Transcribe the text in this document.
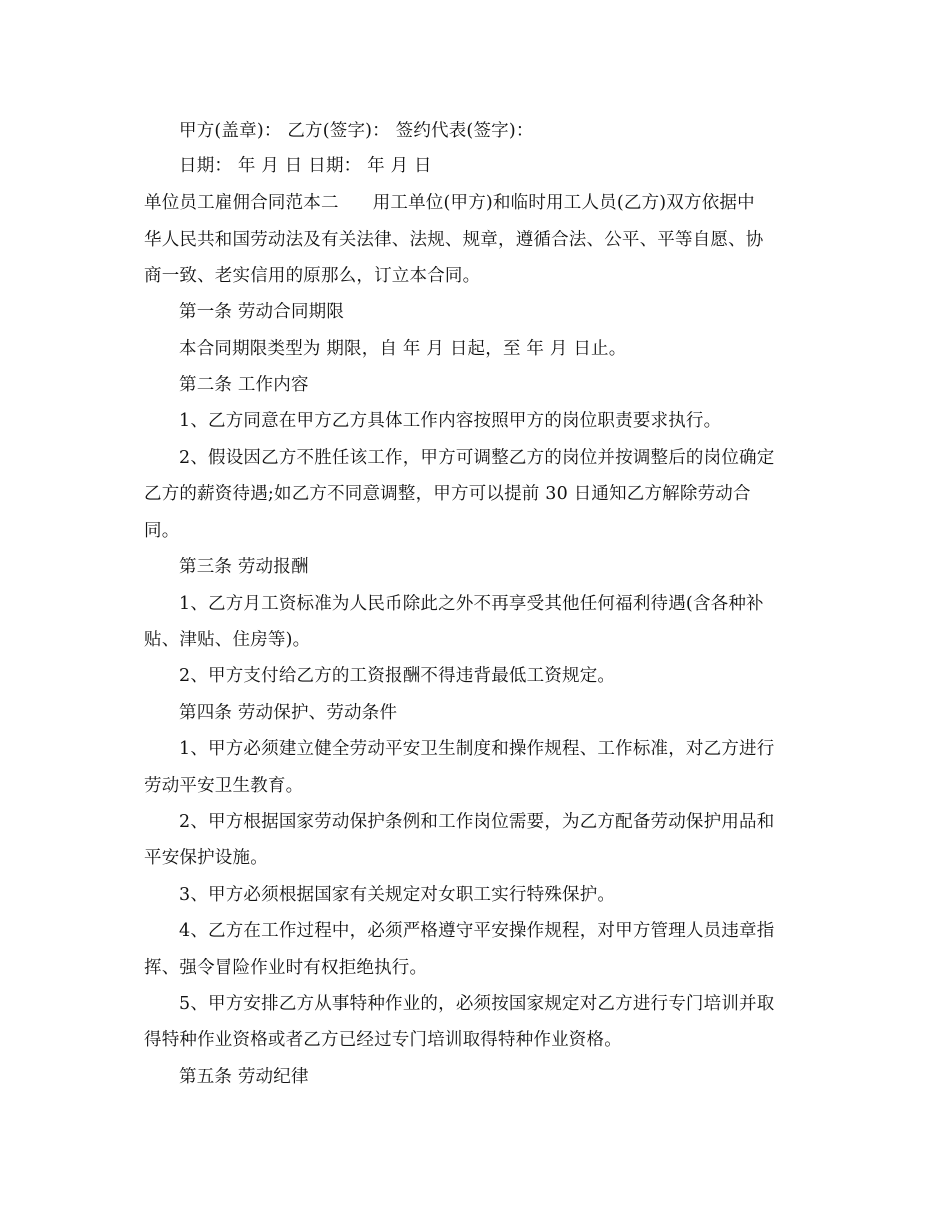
甲方(盖章)： 乙方(签字)： 签约代表(签字)：
日期： 年 月 日 日期： 年 月 日
单位员工雇佣合同范本二 用工单位(甲方)和临时用工人员(乙方)双方依据中
华人民共和国劳动法及有关法律、法规、规章，遵循合法、公平、平等自愿、协
商一致、老实信用的原那么，订立本合同。
第一条 劳动合同期限
本合同期限类型为 期限，自 年 月 日起，至 年 月 日止。
第二条 工作内容
1、乙方同意在甲方乙方具体工作内容按照甲方的岗位职责要求执行。
2、假设因乙方不胜任该工作，甲方可调整乙方的岗位并按调整后的岗位确定
乙方的薪资待遇;如乙方不同意调整，甲方可以提前 30 日通知乙方解除劳动合
同。
第三条 劳动报酬
1、乙方月工资标准为人民币除此之外不再享受其他任何福利待遇(含各种补
贴、津贴、住房等)。
2、甲方支付给乙方的工资报酬不得违背最低工资规定。
第四条 劳动保护、劳动条件
1、甲方必须建立健全劳动平安卫生制度和操作规程、工作标准，对乙方进行
劳动平安卫生教育。
2、甲方根据国家劳动保护条例和工作岗位需要，为乙方配备劳动保护用品和
平安保护设施。
3、甲方必须根据国家有关规定对女职工实行特殊保护。
4、乙方在工作过程中，必须严格遵守平安操作规程，对甲方管理人员违章指
挥、强令冒险作业时有权拒绝执行。
5、甲方安排乙方从事特种作业的，必须按国家规定对乙方进行专门培训并取
得特种作业资格或者乙方已经过专门培训取得特种作业资格。
第五条 劳动纪律
